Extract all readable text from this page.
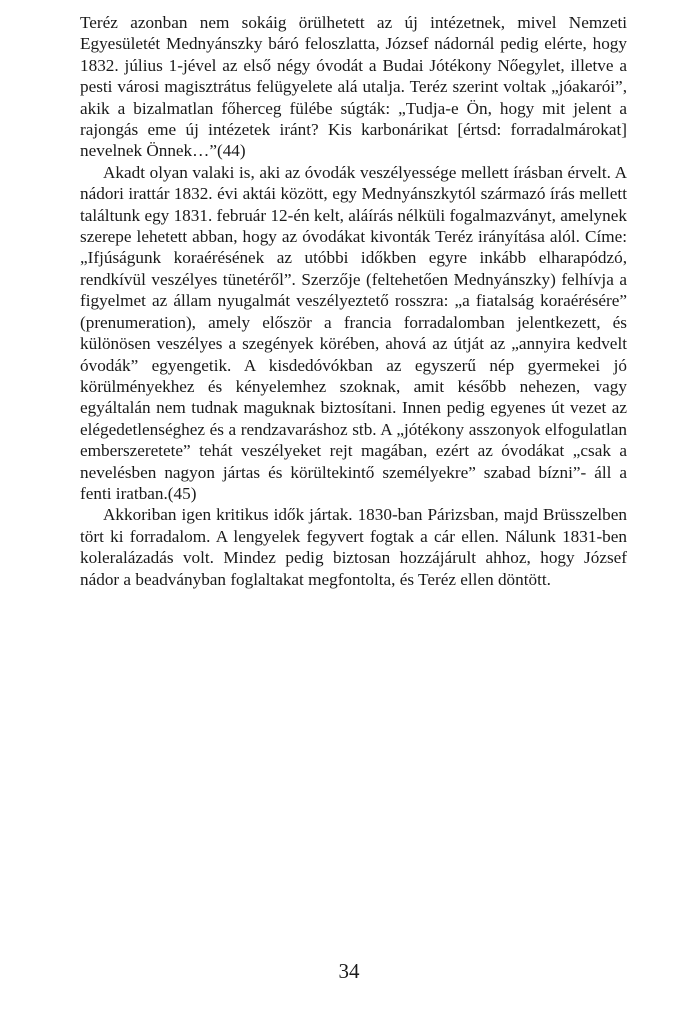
Teréz azonban nem sokáig örülhetett az új intézetnek, mivel Nemzeti Egyesületét Mednyánszky báró feloszlatta, József nádornál pedig elérte, hogy 1832. július 1-jével az első négy óvodát a Budai Jótékony Nőegylet, illetve a pesti városi magisztrátus felügyelete alá utalja. Teréz szerint voltak „jóakarói”, akik a bizalmatlan főherceg fülébe súgták: „Tudja-e Ön, hogy mit jelent a rajongás eme új intézetek iránt? Kis karbonárikat [értsd: forradalmárokat] nevelnek Önnek…”(44)

Akadt olyan valaki is, aki az óvodák veszélyessége mellett írásban érvelt. A nádori irattár 1832. évi aktái között, egy Mednyánszkytól származó írás mellett találtunk egy 1831. február 12-én kelt, aláírás nélküli fogalmazványt, amelynek szerepe lehetett abban, hogy az óvodákat kivonták Teréz irányítása alól. Címe: „Ifjúságunk koraérésének az utóbbi időkben egyre inkább elharapódzó, rendkívül veszélyes tünetéről”. Szerzője (feltehetően Mednyánszky) felhívja a figyelmet az állam nyugalmát veszélyeztető rosszra: „a fiatalság koraérésére” (prenumeration), amely először a francia forradalomban jelentkezett, és különösen veszélyes a szegények körében, ahová az útját az „annyira kedvelt óvodák” egyengetik. A kisdedóvókban az egyszerű nép gyermekei jó körülményekhez és kényelemhez szoknak, amit később nehezen, vagy egyáltalán nem tudnak maguknak biztosítani. Innen pedig egyenes út vezet az elégedetlenséghez és a rendzavaráshoz stb. A „jótékony asszonyok elfogulatlan emberszeretete” tehát veszélyeket rejt magában, ezért az óvodákat „csak a nevelésben nagyon jártas és körültekintő személyekre” szabad bízni”- áll a fenti iratban.(45)

Akkoriban igen kritikus idők jártak. 1830-ban Párizsban, majd Brüsszelben tört ki forradalom. A lengyelek fegyvert fogtak a cár ellen. Nálunk 1831-ben koleralázadás volt. Mindez pedig biztosan hozzájárult ahhoz, hogy József nádor a beadványban foglaltakat megfontolta, és Teréz ellen döntött.

34
